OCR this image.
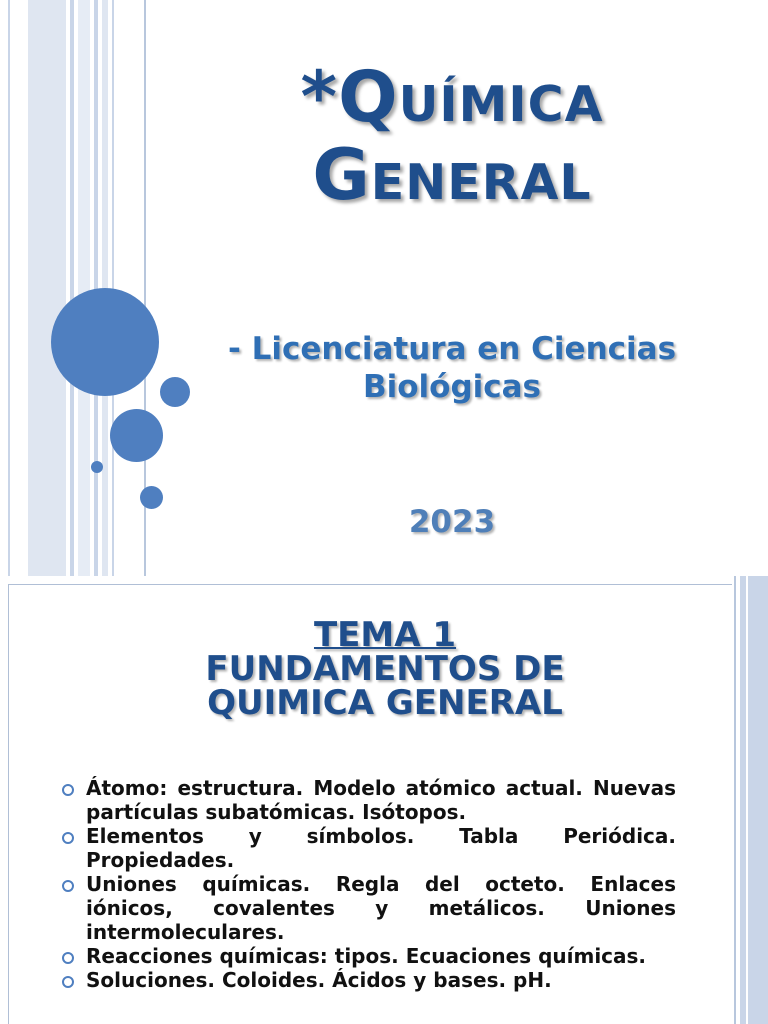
*Química
General
- Licenciatura en Ciencias
Biológicas
2023
TEMA 1
FUNDAMENTOS DE
QUIMICA GENERAL
Átomo: estructura. Modelo atómico actual. Nuevas partículas subatómicas. Isótopos.
Elementos y símbolos. Tabla Periódica. Propiedades.
Uniones químicas. Regla del octeto. Enlaces iónicos, covalentes y metálicos. Uniones intermoleculares.
Reacciones químicas: tipos. Ecuaciones químicas.
Soluciones. Coloides. Ácidos y bases. pH.
